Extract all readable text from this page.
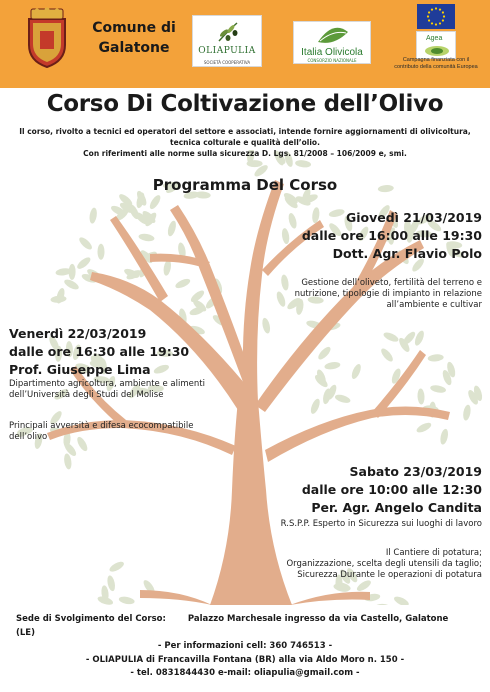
Comune di Galatone	OLIAPULIA
SOCIETÀ COOPERATIVA
Italia Olivicola
CONSORZIO NAZIONALE
Agea
Campagna finanziata con il contributo della comunità Europea
Corso Di Coltivazione dell’Olivo
Il corso, rivolto a tecnici ed operatori del settore e associati, intende fornire aggiornamenti di olivicoltura,
tecnica colturale e qualità dell’olio.
Con riferimenti alle norme sulla sicurezza D. Lgs. 81/2008 – 106/2009 e, smi.
Programma Del Corso
Giovedì 21/03/2019
dalle ore 16:00 alle 19:30
Dott. Agr. Flavio Polo
Gestione dell’oliveto, fertilità del terreno e
nutrizione, tipologie di impianto in relazione
all’ambiente e cultivar
Venerdì 22/03/2019
dalle ore 16:30 alle 19:30
Prof. Giuseppe Lima
Dipartimento agricoltura, ambiente e alimenti
dell’Università degli Studi del Molise
Principali avversità e difesa ecocompatibile
dell’olivo
Sabato 23/03/2019
dalle ore 10:00 alle 12:30
Per. Agr. Angelo Candita
R.S.P.P. Esperto in Sicurezza sui luoghi di lavoro
Il Cantiere di potatura;
Organizzazione, scelta degli utensili da taglio;
Sicurezza Durante le operazioni di potatura
Sede di Svolgimento del Corso:	Palazzo Marchesale ingresso da via Castello, Galatone (LE)
- Per informazioni cell: 360 746513 -
- OLIAPULIA di Francavilla Fontana (BR) alla via Aldo Moro n. 150 -
- tel. 0831844430 e-mail: oliapulia@gmail.com -
